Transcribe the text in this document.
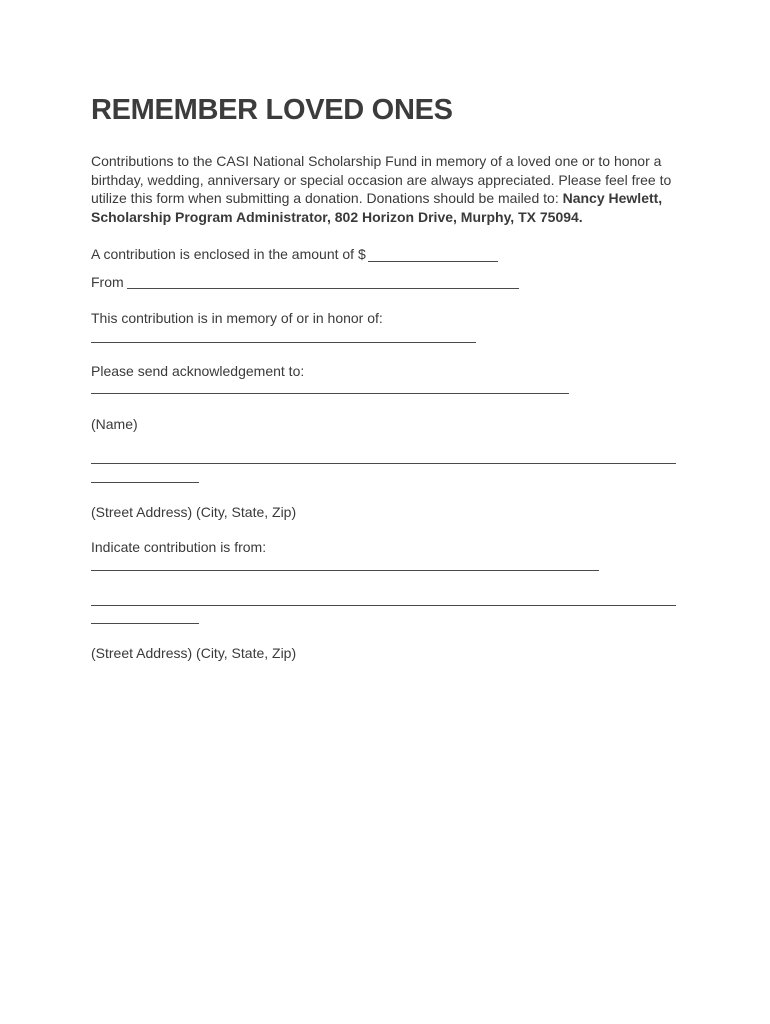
REMEMBER LOVED ONES

Contributions to the CASI National Scholarship Fund in memory of a loved one or to honor a birthday, wedding, anniversary or special occasion are always appreciated. Please feel free to utilize this form when submitting a donation. Donations should be mailed to: Nancy Hewlett, Scholarship Program Administrator, 802 Horizon Drive, Murphy, TX 75094.

A contribution is enclosed in the amount of $
From
This contribution is in memory of or in honor of:
Please send acknowledgement to:
(Name)
(Street Address) (City, State, Zip)
Indicate contribution is from:
(Street Address) (City, State, Zip)
